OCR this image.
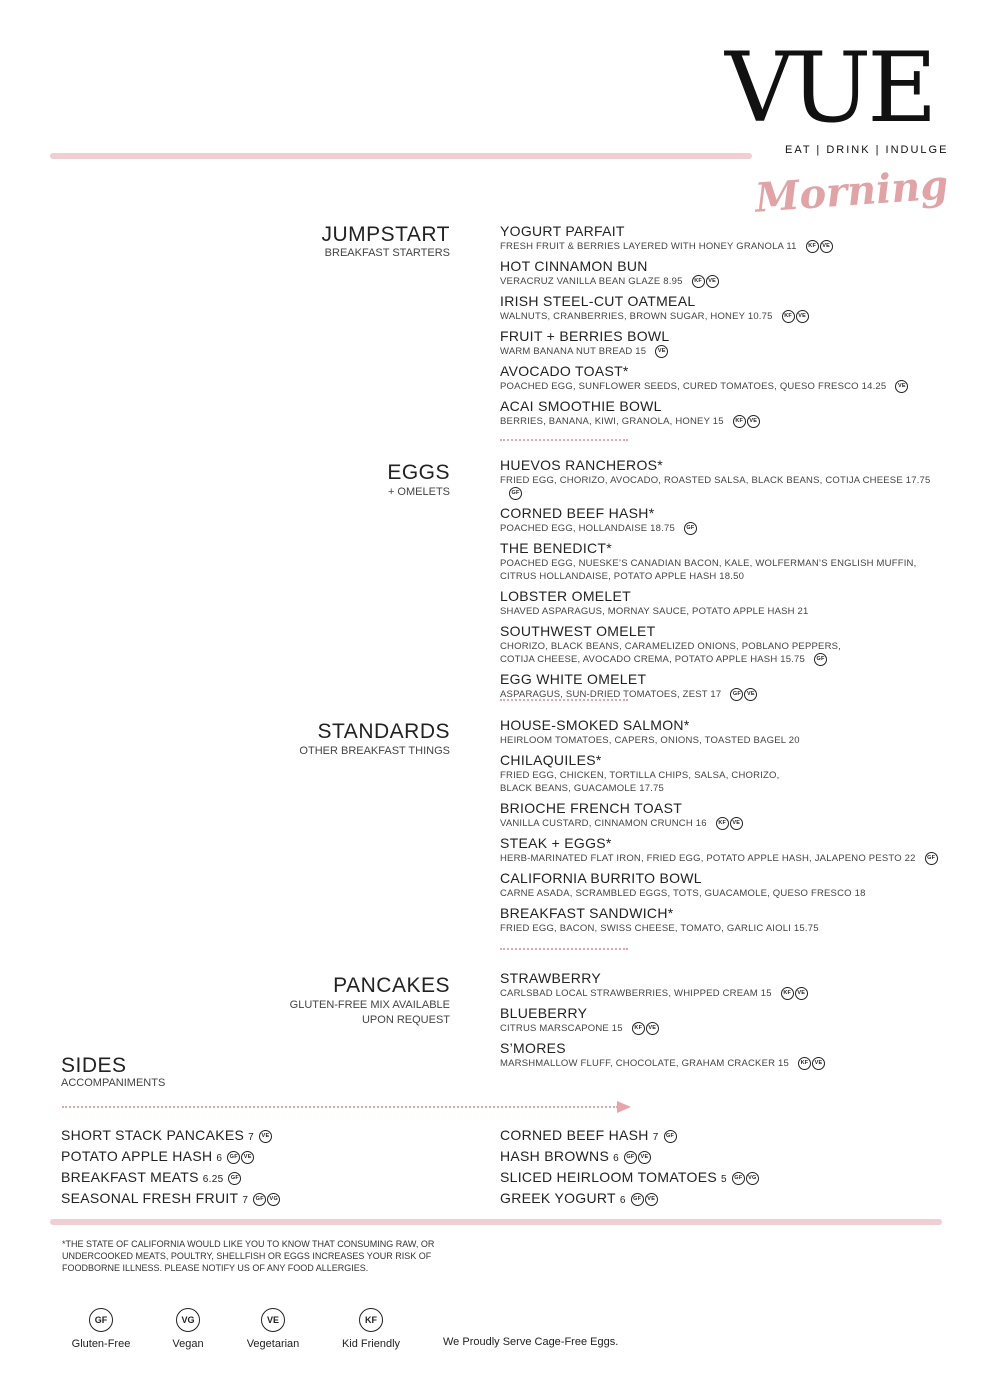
VUE
EAT | DRINK | INDULGE
Morning
JUMPSTART
BREAKFAST STARTERS
YOGURT PARFAIT
FRESH FRUIT & BERRIES LAYERED WITH HONEY GRANOLA 11 KF VE
HOT CINNAMON BUN
VERACRUZ VANILLA BEAN GLAZE 8.95 KF VE
IRISH STEEL-CUT OATMEAL
WALNUTS, CRANBERRIES, BROWN SUGAR, HONEY 10.75 KF VE
FRUIT + BERRIES BOWL
WARM BANANA NUT BREAD 15 VE
AVOCADO TOAST*
POACHED EGG, SUNFLOWER SEEDS, CURED TOMATOES, QUESO FRESCO 14.25 VE
ACAI SMOOTHIE BOWL
BERRIES, BANANA, KIWI, GRANOLA, HONEY 15 KF VE
EGGS
+ OMELETS
HUEVOS RANCHEROS*
FRIED EGG, CHORIZO, AVOCADO, ROASTED SALSA, BLACK BEANS, COTIJA CHEESE 17.75GF
CORNED BEEF HASH*
POACHED EGG, HOLLANDAISE 18.75 GF
THE BENEDICT*
POACHED EGG, NUESKE’S CANADIAN BACON, KALE, WOLFERMAN’S ENGLISH MUFFIN,
CITRUS HOLLANDAISE, POTATO APPLE HASH 18.50
LOBSTER OMELET
SHAVED ASPARAGUS, MORNAY SAUCE, POTATO APPLE HASH 21
SOUTHWEST OMELET
CHORIZO, BLACK BEANS, CARAMELIZED ONIONS, POBLANO PEPPERS,
COTIJA CHEESE, AVOCADO CREMA, POTATO APPLE HASH 15.75 GF
EGG WHITE OMELET
ASPARAGUS, SUN-DRIED TOMATOES, ZEST 17 GF VE
STANDARDS
OTHER BREAKFAST THINGS
HOUSE-SMOKED SALMON*
HEIRLOOM TOMATOES, CAPERS, ONIONS, TOASTED BAGEL 20
CHILAQUILES*
FRIED EGG, CHICKEN, TORTILLA CHIPS, SALSA, CHORIZO,
BLACK BEANS, GUACAMOLE 17.75
BRIOCHE FRENCH TOAST
VANILLA CUSTARD, CINNAMON CRUNCH 16 KF VE
STEAK + EGGS*
HERB-MARINATED FLAT IRON, FRIED EGG, POTATO APPLE HASH, JALAPENO PESTO 22 GF
CALIFORNIA BURRITO BOWL
CARNE ASADA, SCRAMBLED EGGS, TOTS, GUACAMOLE, QUESO FRESCO 18
BREAKFAST SANDWICH*
FRIED EGG, BACON, SWISS CHEESE, TOMATO, GARLIC AIOLI 15.75
PANCAKES
GLUTEN-FREE MIX AVAILABLE
UPON REQUEST
STRAWBERRY
CARLSBAD LOCAL STRAWBERRIES, WHIPPED CREAM 15 KF VE
BLUEBERRY
CITRUS MARSCAPONE 15 KF VE
S’MORES
MARSHMALLOW FLUFF, CHOCOLATE, GRAHAM CRACKER 15 KF VE
SIDES
ACCOMPANIMENTS
SHORT STACK PANCAKES 7 VE
POTATO APPLE HASH 6 GF VE
BREAKFAST MEATS 6.25 GF
SEASONAL FRESH FRUIT 7 GF VG
CORNED BEEF HASH 7 GF
HASH BROWNS 6 GF VE
SLICED HEIRLOOM TOMATOES 5 GF VG
GREEK YOGURT 6 GF VE
*THE STATE OF CALIFORNIA WOULD LIKE YOU TO KNOW THAT CONSUMING RAW, OR UNDERCOOKED MEATS, POULTRY, SHELLFISH OR EGGS INCREASES YOUR RISK OF FOODBORNE ILLNESS. PLEASE NOTIFY US OF ANY FOOD ALLERGIES.
GF
Gluten-Free
VG
Vegan
VE
Vegetarian
KF
Kid Friendly	We Proudly Serve Cage-Free Eggs.
